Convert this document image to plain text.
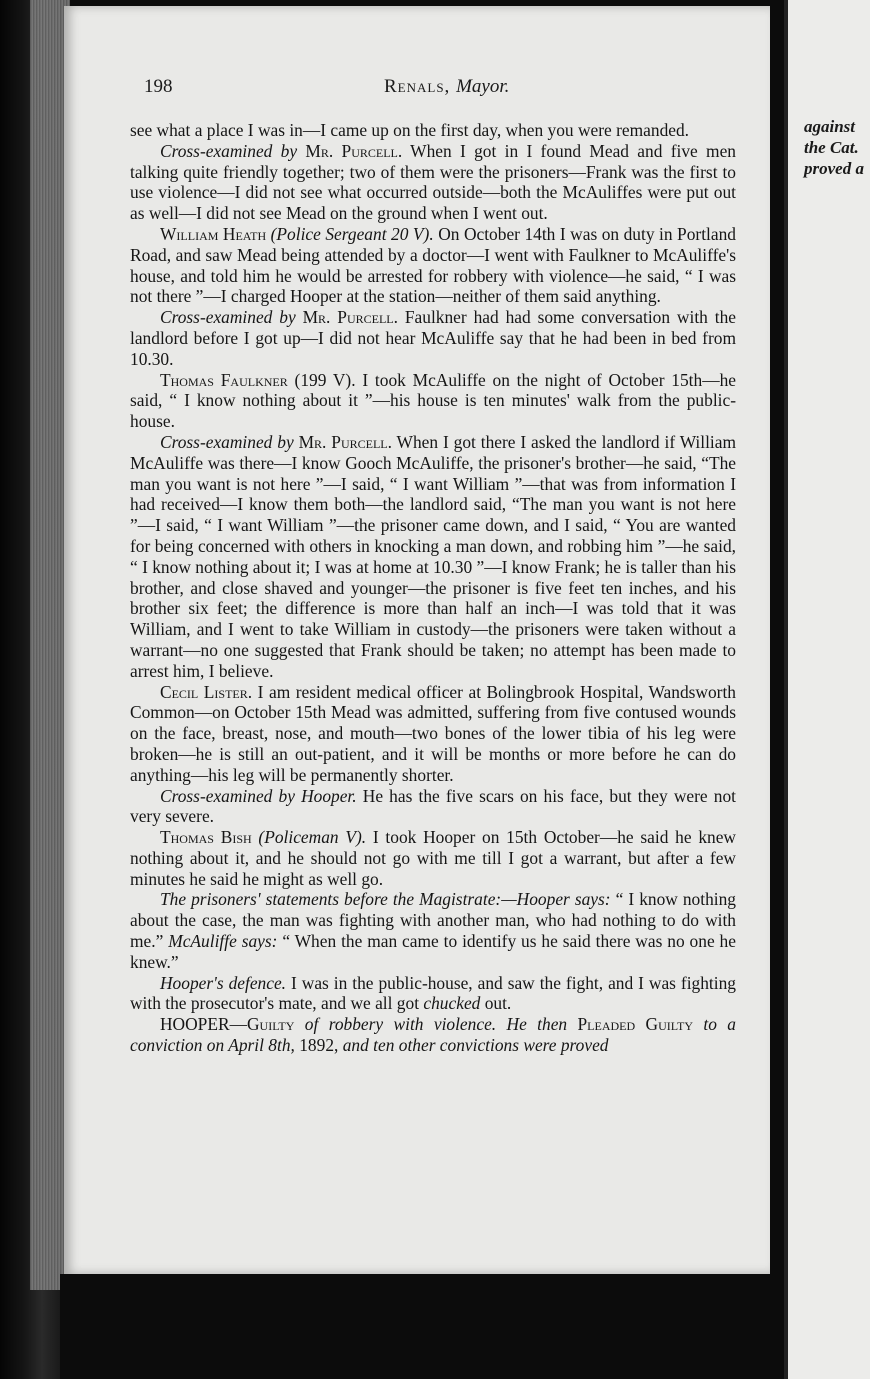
against
the Cat.
proved a
198	Renals, Mayor.

see what a place I was in—I came up on the first day, when you were remanded.

Cross-examined by Mr. Purcell. When I got in I found Mead and five men talking quite friendly together; two of them were the prisoners—Frank was the first to use violence—I did not see what occurred outside—both the McAuliffes were put out as well—I did not see Mead on the ground when I went out.

William Heath (Police Sergeant 20 V). On October 14th I was on duty in Portland Road, and saw Mead being attended by a doctor—I went with Faulkner to McAuliffe's house, and told him he would be arrested for robbery with violence—he said, “ I was not there ”—I charged Hooper at the station—neither of them said anything.

Cross-examined by Mr. Purcell. Faulkner had had some conversation with the landlord before I got up—I did not hear McAuliffe say that he had been in bed from 10.30.

Thomas Faulkner (199 V). I took McAuliffe on the night of October 15th—he said, “ I know nothing about it ”—his house is ten minutes' walk from the public-house.

Cross-examined by Mr. Purcell. When I got there I asked the landlord if William McAuliffe was there—I know Gooch McAuliffe, the prisoner's brother—he said, “The man you want is not here ”—I said, “ I want William ”—that was from information I had received—I know them both—the landlord said, “The man you want is not here ”—I said, “ I want William ”—the prisoner came down, and I said, “ You are wanted for being concerned with others in knocking a man down, and robbing him ”—he said, “ I know nothing about it; I was at home at 10.30 ”—I know Frank; he is taller than his brother, and close shaved and younger—the prisoner is five feet ten inches, and his brother six feet; the difference is more than half an inch—I was told that it was William, and I went to take William in custody—the prisoners were taken without a warrant—no one suggested that Frank should be taken; no attempt has been made to arrest him, I believe.

Cecil Lister. I am resident medical officer at Bolingbrook Hospital, Wandsworth Common—on October 15th Mead was admitted, suffering from five contused wounds on the face, breast, nose, and mouth—two bones of the lower tibia of his leg were broken—he is still an out-patient, and it will be months or more before he can do anything—his leg will be permanently shorter.

Cross-examined by Hooper. He has the five scars on his face, but they were not very severe.

Thomas Bish (Policeman V). I took Hooper on 15th October—he said he knew nothing about it, and he should not go with me till I got a warrant, but after a few minutes he said he might as well go.

The prisoners' statements before the Magistrate:—Hooper says: “ I know nothing about the case, the man was fighting with another man, who had nothing to do with me.” McAuliffe says: “ When the man came to identify us he said there was no one he knew.”

Hooper's defence. I was in the public-house, and saw the fight, and I was fighting with the prosecutor's mate, and we all got chucked out.

HOOPER—Guilty of robbery with violence. He then Pleaded Guilty to a conviction on April 8th, 1892, and ten other convictions were proved
